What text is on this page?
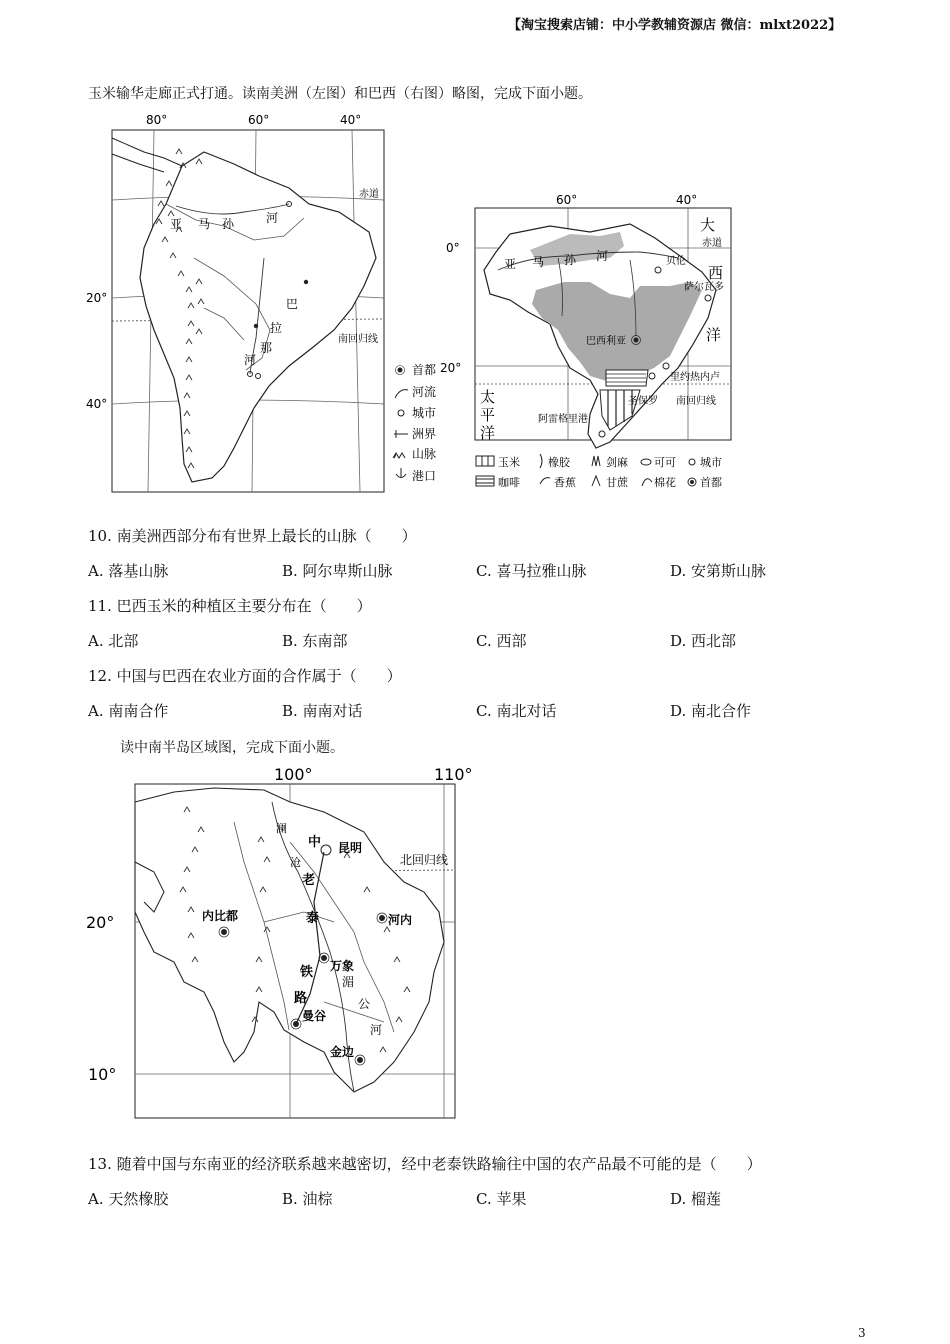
【淘宝搜索店铺：中小学教辅资源店 微信：mlxt2022】
玉米输华走廊正式打通。读南美洲（左图）和巴西（右图）略图，完成下面小题。
80°	60°	40°
20°
40°
赤道
南回归线
亚 马 孙	河
巴
拉
那
河
首都
河流
城市
洲界
山脉
港口
60°	40°
0°
20°
赤道
南回归线
大
西
洋
太
平
洋
亚 马 孙 河	贝伦
萨尔瓦多
巴西利亚
里约热内卢
圣保罗
阿雷格里港
玉米	橡胶	剑麻 可可 城市
咖啡	香蕉	甘蔗 棉花 首都
10. 南美洲西部分布有世界上最长的山脉（　　）
A. 落基山脉	B. 阿尔卑斯山脉	C. 喜马拉雅山脉	D. 安第斯山脉
11. 巴西玉米的种植区主要分布在（　　）
A. 北部	B. 东南部	C. 西部	D. 西北部
12. 中国与巴西在农业方面的合作属于（　　）
A. 南南合作	B. 南南对话	C. 南北对话	D. 南北合作
读中南半岛区域图，完成下面小题。
100°	110°
20°
10°
北回归线
澜
沧
湄
公
河
中
老
泰
铁
路
昆明
内比都	河内
万象
曼谷
金边
13. 随着中国与东南亚的经济联系越来越密切，经中老泰铁路输往中国的农产品最不可能的是（　　）
A. 天然橡胶	B. 油棕	C. 苹果	D. 榴莲
3
